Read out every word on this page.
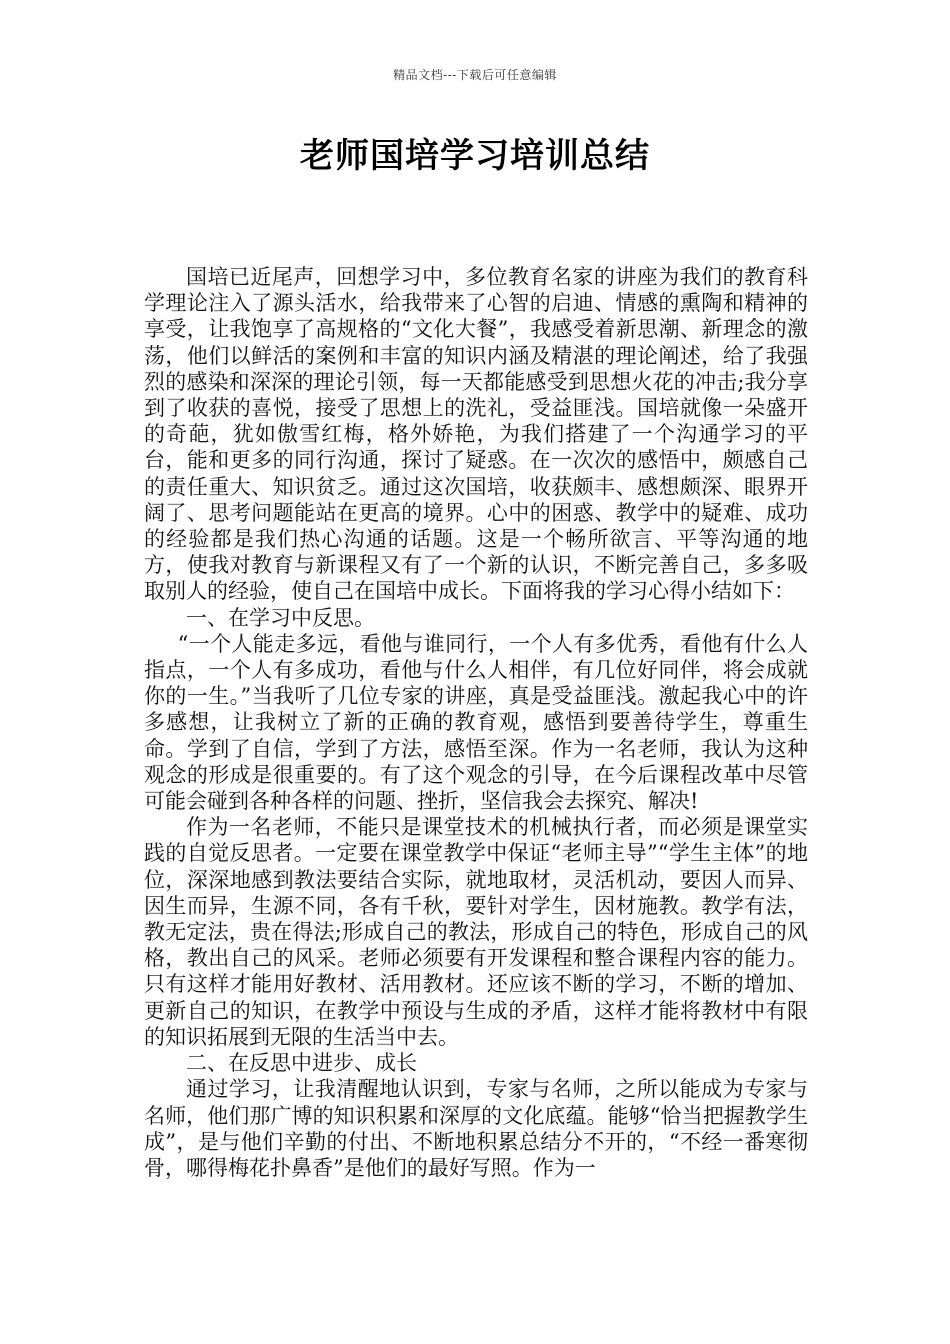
精品文档---下载后可任意编辑
老师国培学习培训总结

国培已近尾声，回想学习中，多位教育名家的讲座为我们的教育科学理论注入了源头活水，给我带来了心智的启迪、情感的熏陶和精神的享受，让我饱享了高规格的“文化大餐”，我感受着新思潮、新理念的激荡，他们以鲜活的案例和丰富的知识内涵及精湛的理论阐述，给了我强烈的感染和深深的理论引领，每一天都能感受到思想火花的冲击;我分享到了收获的喜悦，接受了思想上的洗礼，受益匪浅。国培就像一朵盛开的奇葩，犹如傲雪红梅，格外娇艳，为我们搭建了一个沟通学习的平台，能和更多的同行沟通，探讨了疑惑。在一次次的感悟中，颇感自己的责任重大、知识贫乏。通过这次国培，收获颇丰、感想颇深、眼界开阔了、思考问题能站在更高的境界。心中的困惑、教学中的疑难、成功的经验都是我们热心沟通的话题。这是一个畅所欲言、平等沟通的地方，使我对教育与新课程又有了一个新的认识，不断完善自己，多多吸取别人的经验，使自己在国培中成长。下面将我的学习心得小结如下：

一、在学习中反思。

“一个人能走多远，看他与谁同行，一个人有多优秀，看他有什么人指点，一个人有多成功，看他与什么人相伴，有几位好同伴，将会成就你的一生。”当我听了几位专家的讲座，真是受益匪浅。激起我心中的许多感想，让我树立了新的正确的教育观，感悟到要善待学生，尊重生命。学到了自信，学到了方法，感悟至深。作为一名老师，我认为这种观念的形成是很重要的。有了这个观念的引导，在今后课程改革中尽管可能会碰到各种各样的问题、挫折，坚信我会去探究、解决!

作为一名老师，不能只是课堂技术的机械执行者，而必须是课堂实践的自觉反思者。一定要在课堂教学中保证“老师主导”“学生主体”的地位，深深地感到教法要结合实际，就地取材，灵活机动，要因人而异、因生而异，生源不同，各有千秋，要针对学生，因材施教。教学有法，教无定法，贵在得法;形成自己的教法，形成自己的特色，形成自己的风格，教出自己的风采。老师必须要有开发课程和整合课程内容的能力。只有这样才能用好教材、活用教材。还应该不断的学习，不断的增加、更新自己的知识，在教学中预设与生成的矛盾，这样才能将教材中有限的知识拓展到无限的生活当中去。

二、在反思中进步、成长

通过学习，让我清醒地认识到，专家与名师，之所以能成为专家与名师，他们那广博的知识积累和深厚的文化底蕴。能够“恰当把握教学生成”，是与他们辛勤的付出、不断地积累总结分不开的，“不经一番寒彻骨，哪得梅花扑鼻香”是他们的最好写照。作为一
